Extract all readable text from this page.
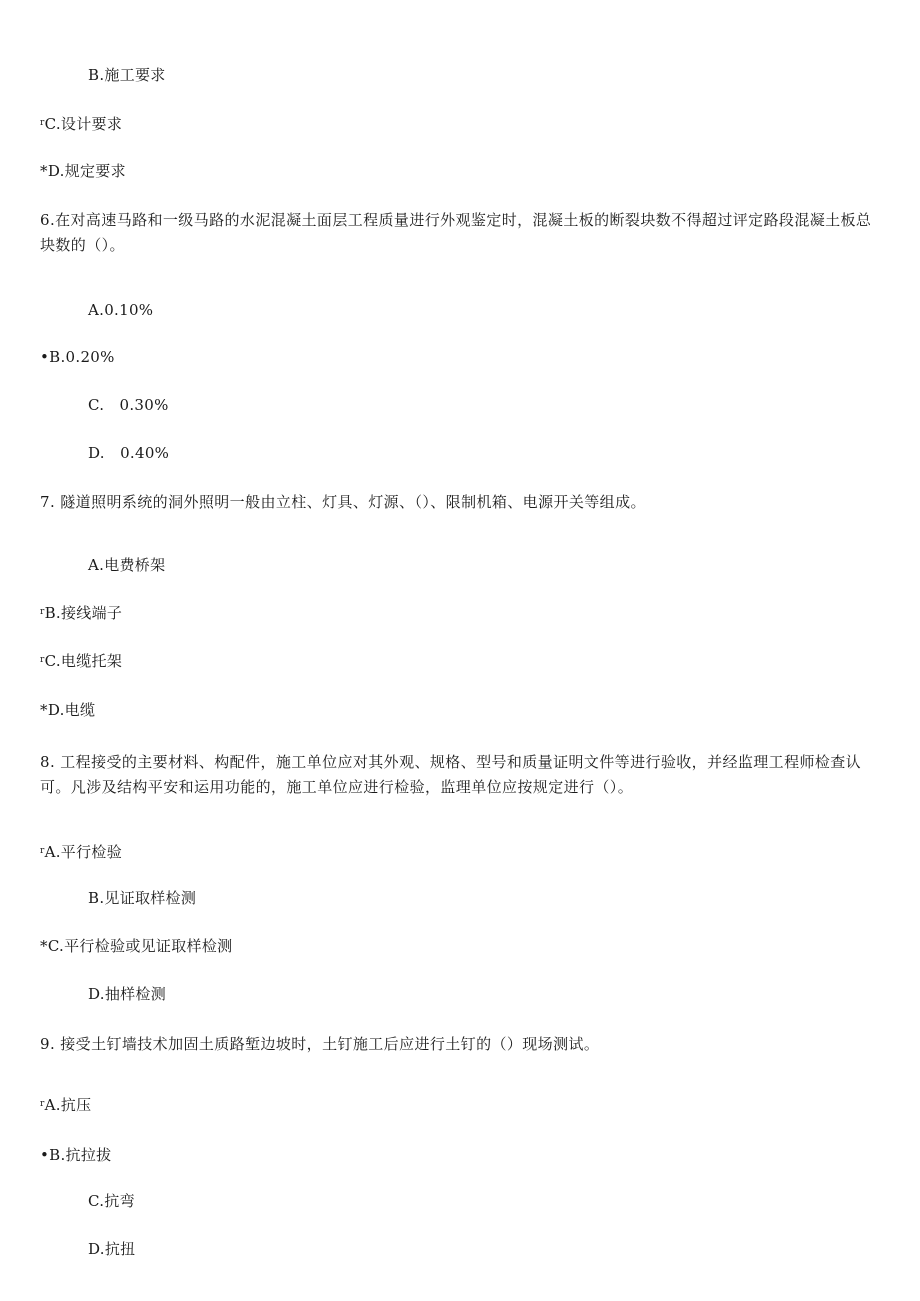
B.施工要求
rC.设计要求
*D.规定要求
6.在对高速马路和一级马路的水泥混凝土面层工程质量进行外观鉴定时，混凝土板的断裂块数不得超过评定路段混凝土板总块数的（）。
A.0.10%
•B.0.20%
C.   0.30%
D.   0.40%
7. 隧道照明系统的洞外照明一般由立柱、灯具、灯源、（）、限制机箱、电源开关等组成。
A.电费桥架
rB.接线端子
rC.电缆托架
*D.电缆
8. 工程接受的主要材料、构配件，施工单位应对其外观、规格、型号和质量证明文件等进行验收，并经监理工程师检查认可。凡涉及结构平安和运用功能的，施工单位应进行检验，监理单位应按规定进行（）。
rA.平行检验
B.见证取样检测
*C.平行检验或见证取样检测
D.抽样检测
9. 接受土钉墙技术加固土质路堑边坡时，土钉施工后应进行土钉的（）现场测试。
rA.抗压
•B.抗拉拔
C.抗弯
D.抗扭
